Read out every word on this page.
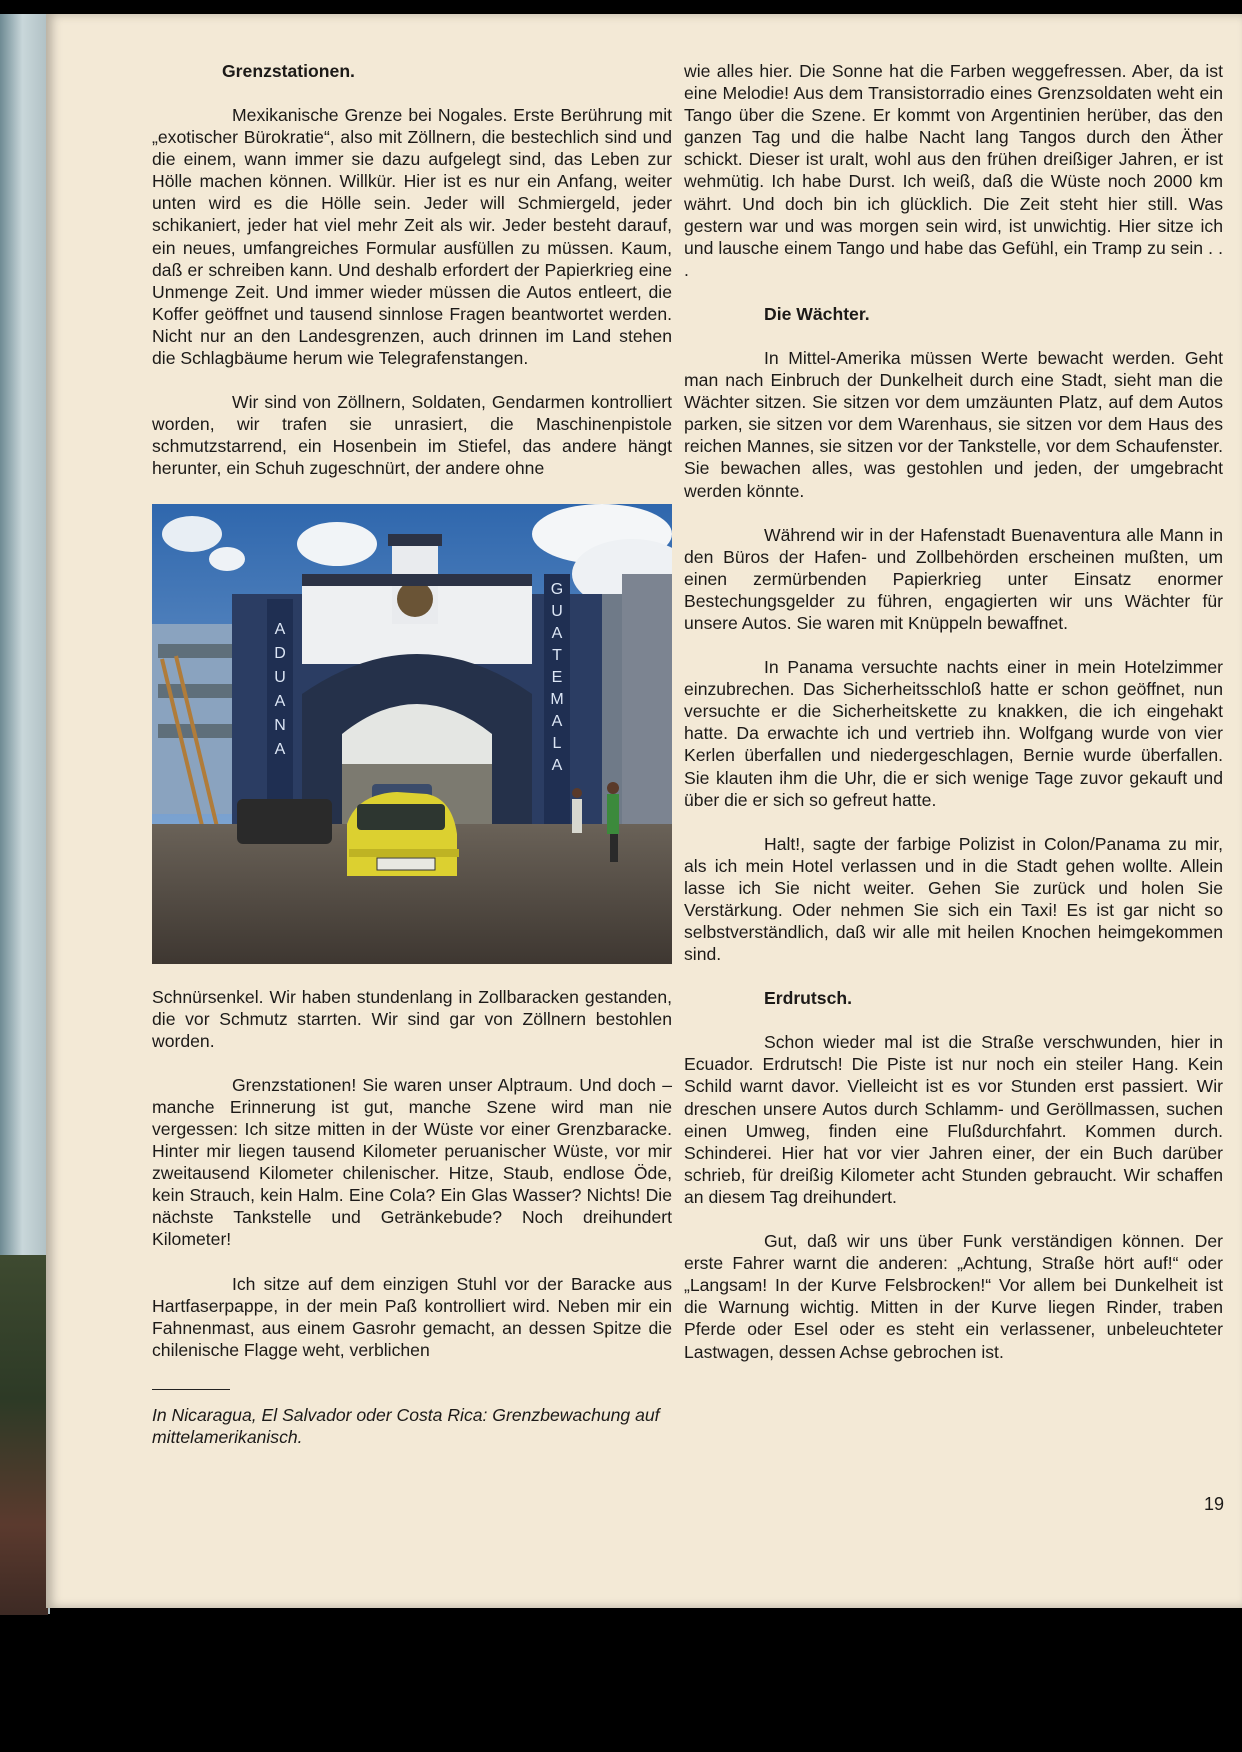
Grenzstationen.

Mexikanische Grenze bei Nogales. Erste Berührung mit „exotischer Bürokratie“, also mit Zöllnern, die bestechlich sind und die einem, wann immer sie dazu aufgelegt sind, das Leben zur Hölle machen können. Willkür. Hier ist es nur ein Anfang, weiter unten wird es die Hölle sein. Jeder will Schmiergeld, jeder schikaniert, jeder hat viel mehr Zeit als wir. Jeder besteht darauf, ein neues, umfangreiches Formular ausfüllen zu müssen. Kaum, daß er schreiben kann. Und deshalb erfordert der Papierkrieg eine Unmenge Zeit. Und immer wieder müssen die Autos entleert, die Koffer geöffnet und tausend sinnlose Fragen beantwortet werden. Nicht nur an den Landesgrenzen, auch drinnen im Land stehen die Schlagbäume herum wie Telegrafenstangen.

Wir sind von Zöllnern, Soldaten, Gendarmen kontrolliert worden, wir trafen sie unrasiert, die Maschinenpistole schmutzstarrend, ein Hosenbein im Stiefel, das andere hängt herunter, ein Schuh zugeschnürt, der andere ohne

A D U A N A
G U A T E M A L A

Schnürsenkel. Wir haben stundenlang in Zollbaracken gestanden, die vor Schmutz starrten. Wir sind gar von Zöllnern bestohlen worden.

Grenzstationen! Sie waren unser Alptraum. Und doch – manche Erinnerung ist gut, manche Szene wird man nie vergessen: Ich sitze mitten in der Wüste vor einer Grenzbaracke. Hinter mir liegen tausend Kilometer peruanischer Wüste, vor mir zweitausend Kilometer chilenischer. Hitze, Staub, endlose Öde, kein Strauch, kein Halm. Eine Cola? Ein Glas Wasser? Nichts! Die nächste Tankstelle und Getränkebude? Noch dreihundert Kilometer!

Ich sitze auf dem einzigen Stuhl vor der Baracke aus Hartfaserpappe, in der mein Paß kontrolliert wird. Neben mir ein Fahnenmast, aus einem Gasrohr gemacht, an dessen Spitze die chilenische Flagge weht, verblichen

In Nicaragua, El Salvador oder Costa Rica: Grenzbewachung auf mittelamerikanisch.

wie alles hier. Die Sonne hat die Farben weggefressen. Aber, da ist eine Melodie! Aus dem Transistorradio eines Grenzsoldaten weht ein Tango über die Szene. Er kommt von Argentinien herüber, das den ganzen Tag und die halbe Nacht lang Tangos durch den Äther schickt. Dieser ist uralt, wohl aus den frühen dreißiger Jahren, er ist wehmütig. Ich habe Durst. Ich weiß, daß die Wüste noch 2000 km währt. Und doch bin ich glücklich. Die Zeit steht hier still. Was gestern war und was morgen sein wird, ist unwichtig. Hier sitze ich und lausche einem Tango und habe das Gefühl, ein Tramp zu sein . . .

Die Wächter.

In Mittel-Amerika müssen Werte bewacht werden. Geht man nach Einbruch der Dunkelheit durch eine Stadt, sieht man die Wächter sitzen. Sie sitzen vor dem umzäunten Platz, auf dem Autos parken, sie sitzen vor dem Warenhaus, sie sitzen vor dem Haus des reichen Mannes, sie sitzen vor der Tankstelle, vor dem Schaufenster. Sie bewachen alles, was gestohlen und jeden, der umgebracht werden könnte.

Während wir in der Hafenstadt Buenaventura alle Mann in den Büros der Hafen- und Zollbehörden erscheinen mußten, um einen zermürbenden Papierkrieg unter Einsatz enormer Bestechungsgelder zu führen, engagierten wir uns Wächter für unsere Autos. Sie waren mit Knüppeln bewaffnet.

In Panama versuchte nachts einer in mein Hotelzimmer einzubrechen. Das Sicherheitsschloß hatte er schon geöffnet, nun versuchte er die Sicherheitskette zu knakken, die ich eingehakt hatte. Da erwachte ich und vertrieb ihn. Wolfgang wurde von vier Kerlen überfallen und niedergeschlagen, Bernie wurde überfallen. Sie klauten ihm die Uhr, die er sich wenige Tage zuvor gekauft und über die er sich so gefreut hatte.

Halt!, sagte der farbige Polizist in Colon/Panama zu mir, als ich mein Hotel verlassen und in die Stadt gehen wollte. Allein lasse ich Sie nicht weiter. Gehen Sie zurück und holen Sie Verstärkung. Oder nehmen Sie sich ein Taxi! Es ist gar nicht so selbstverständlich, daß wir alle mit heilen Knochen heimgekommen sind.

Erdrutsch.

Schon wieder mal ist die Straße verschwunden, hier in Ecuador. Erdrutsch! Die Piste ist nur noch ein steiler Hang. Kein Schild warnt davor. Vielleicht ist es vor Stunden erst passiert. Wir dreschen unsere Autos durch Schlamm- und Geröllmassen, suchen einen Umweg, finden eine Flußdurchfahrt. Kommen durch. Schinderei. Hier hat vor vier Jahren einer, der ein Buch darüber schrieb, für dreißig Kilometer acht Stunden gebraucht. Wir schaffen an diesem Tag dreihundert.

Gut, daß wir uns über Funk verständigen können. Der erste Fahrer warnt die anderen: „Achtung, Straße hört auf!“ oder „Langsam! In der Kurve Felsbrocken!“ Vor allem bei Dunkelheit ist die Warnung wichtig. Mitten in der Kurve liegen Rinder, traben Pferde oder Esel oder es steht ein verlassener, unbeleuchteter Lastwagen, dessen Achse gebrochen ist.

19
